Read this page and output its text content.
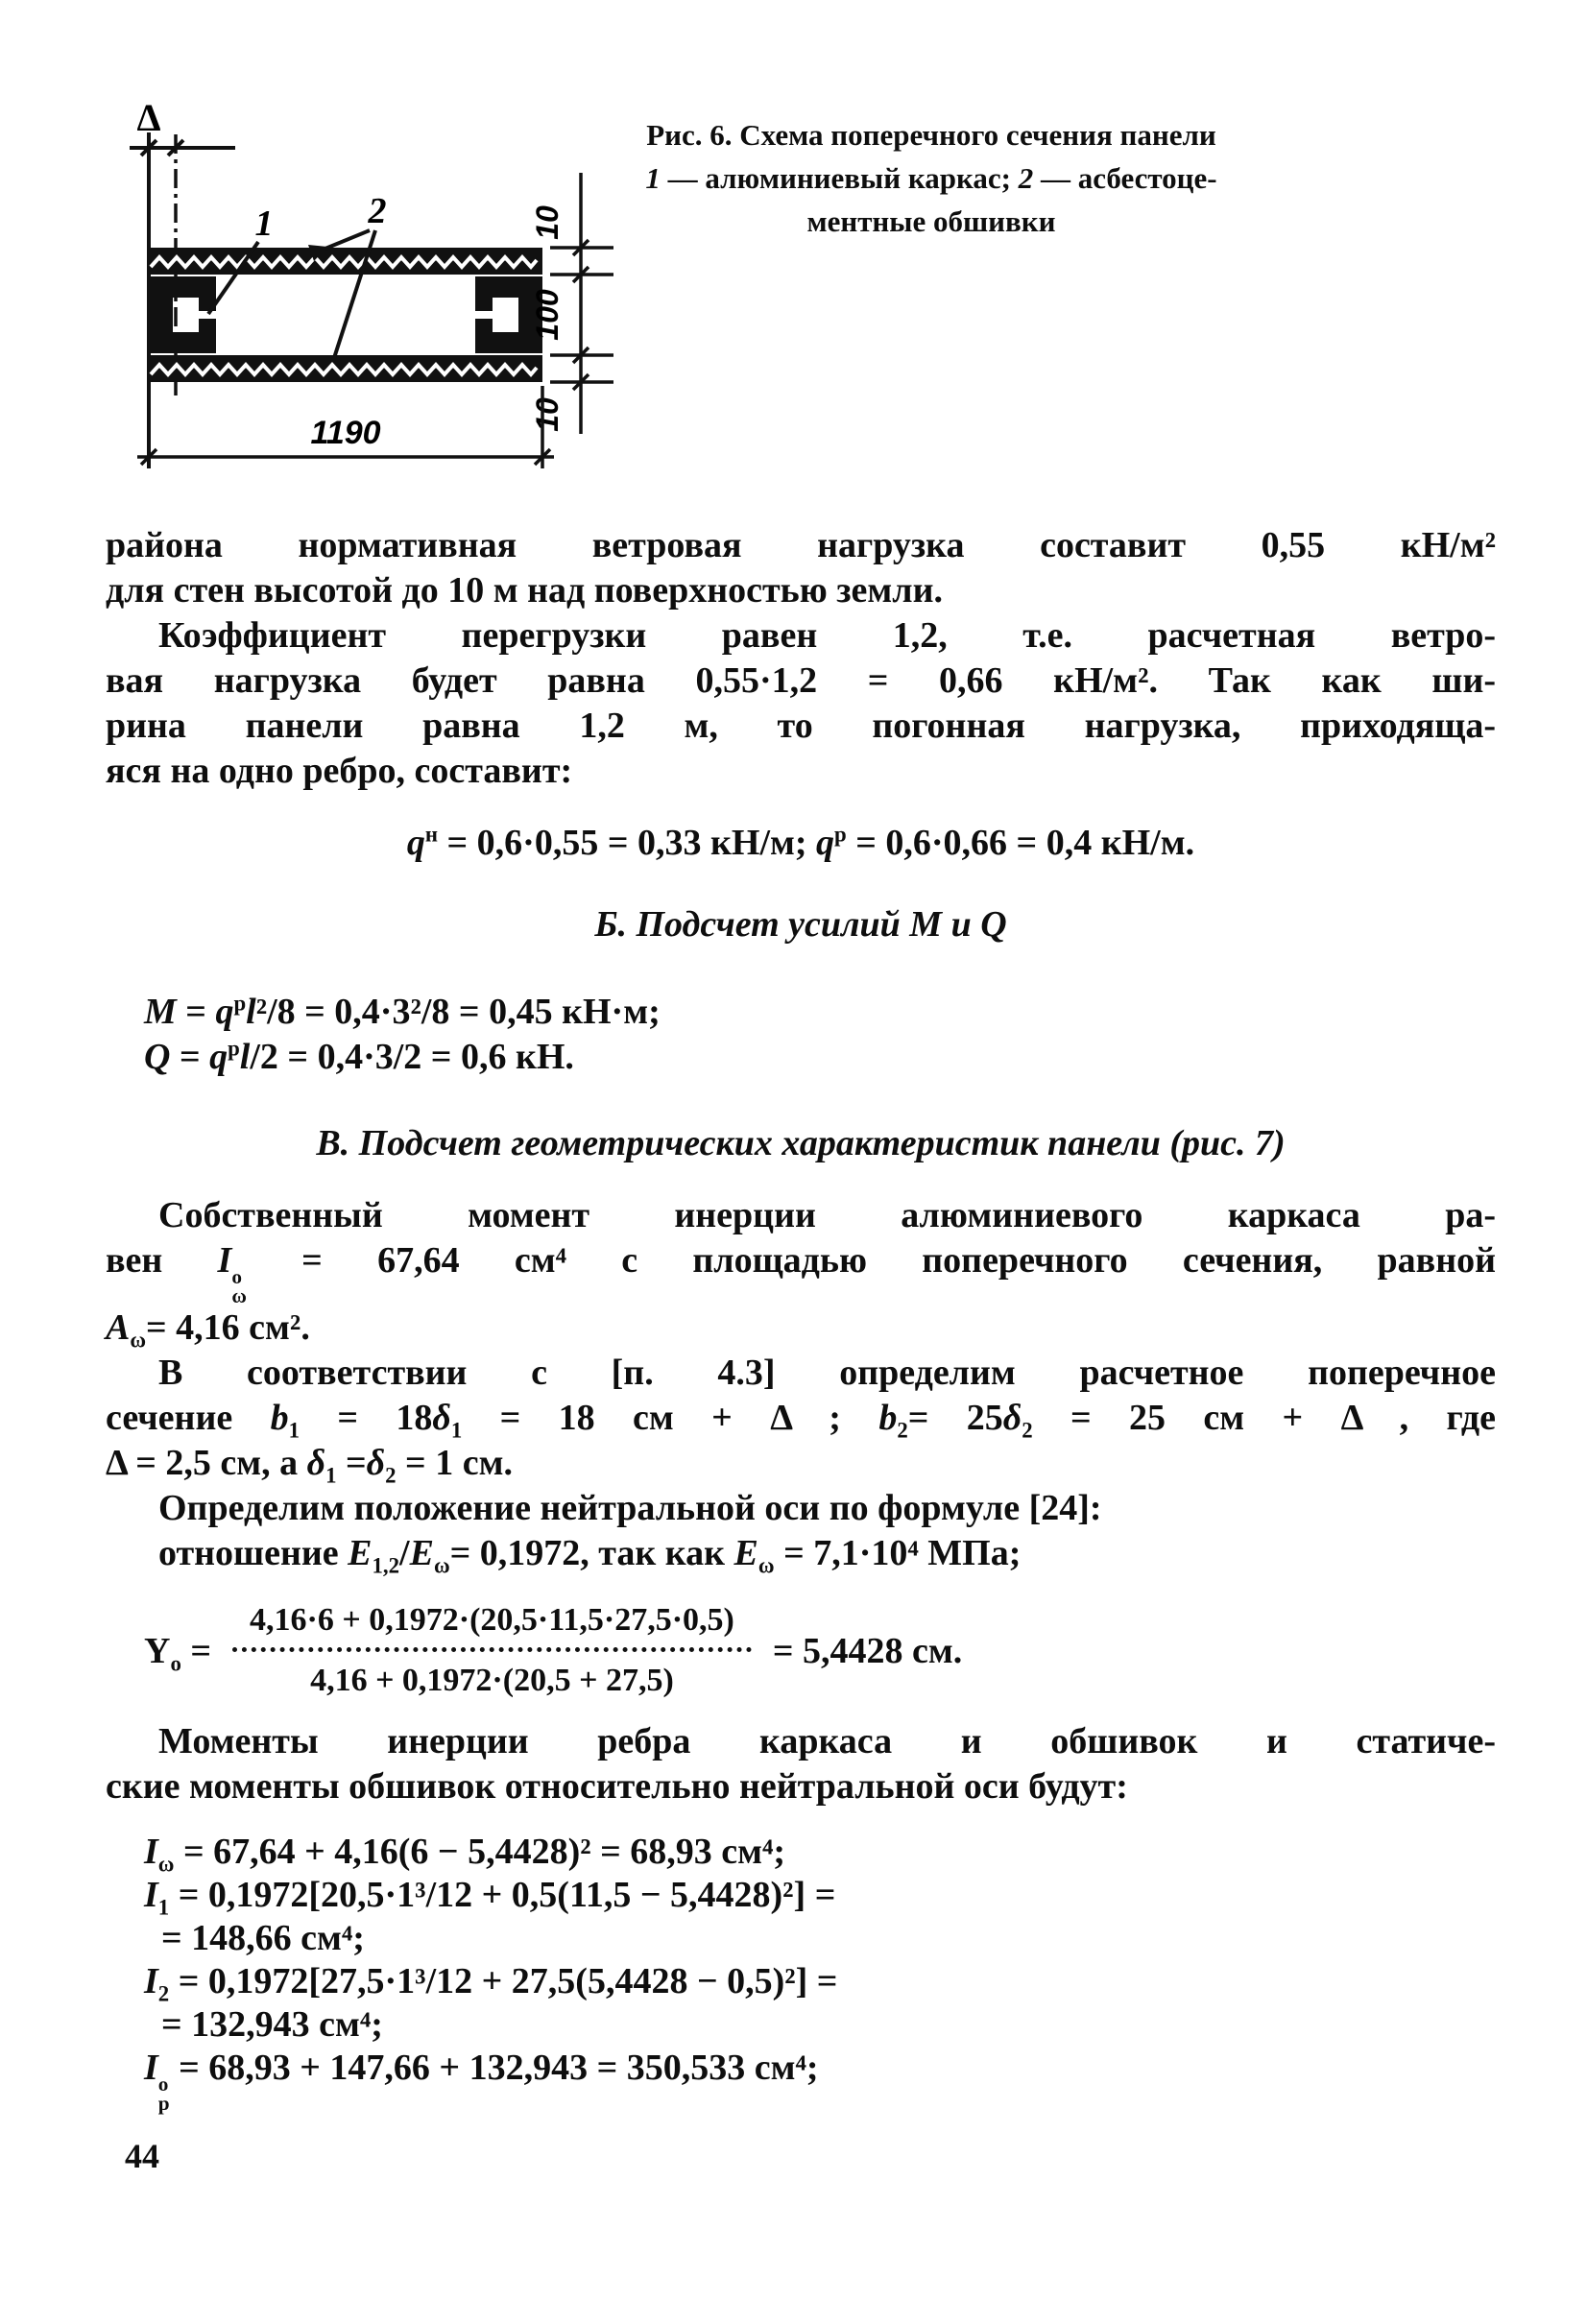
Δ
1	2	10
100
10
1190
Рис. 6. Схема поперечного сечения панели
1 — алюминиевый каркас; 2 — асбестоце-
ментные обшивки
района нормативная ветровая нагрузка составит 0,55 кН/м²
для стен высотой до 10 м над поверхностью земли.
Коэффициент перегрузки равен 1,2, т.е. расчетная ветро-
вая нагрузка будет равна 0,55·1,2 = 0,66 кН/м². Так как ши-
рина панели равна 1,2 м, то погонная нагрузка, приходяща-
яся на одно ребро, составит:
$q^н = 0,6\cdot 0,55 = 0,33$ кН/м; $q^р = 0,6\cdot 0,66 = 0,4$ кН/м.
Б. Подсчет усилий М и Q
$M = q^рl^2/8 = 0,4\cdot 3^2/8 = 0,45$ кН·м;
$Q = q^рl/2 = 0,4\cdot 3/2 = 0,6$ кН.
В. Подсчет геометрических характеристик панели (рис. 7)
Собственный момент инерции алюминиевого каркаса ра-
вен I о
ω
= 67,64 см⁴ с площадью поперечного сечения, равной
$A_\omega= 4,16$ см².
В соответствии с [п. 4.3] определим расчетное поперечное
сечение $b_1 = 18\delta_1 = 18$ см + Δ ; $b_2= 25\delta_2 = 25$ см + Δ , где
Δ = 2,5 см, а $\delta_1 =\delta_2 = 1$ см.
Определим положение нейтральной оси по формуле [24]:
отношение $E_{1,2}/E_\omega= 0,1972$, так как $E_\omega = 7,1\cdot 10^4$ МПа;
$Y_о$ =
4,16·6 + 0,1972·(20,5·11,5·27,5·0,5)
4,16 + 0,1972·(20,5 + 27,5)
= 5,4428 см.
Моменты инерции ребра каркаса и обшивок и статиче-
ские моменты обшивок относительно нейтральной оси будут:
$I_\omega = 67,64 + 4,16(6 - 5,4428)^2 = 68,93$ см⁴;
$I_1 = 0,1972[20,5\cdot 1^3/12 + 0,5(11,5 - 5,4428)^2]$ =
= 148,66 см⁴;
$I_2 = 0,1972[27,5\cdot 1^3/12 + 27,5(5,4428 - 0,5)^2]$ =
= 132,943 см⁴;
I о
р
= 68,93 + 147,66 + 132,943 = 350,533 см⁴;
44
